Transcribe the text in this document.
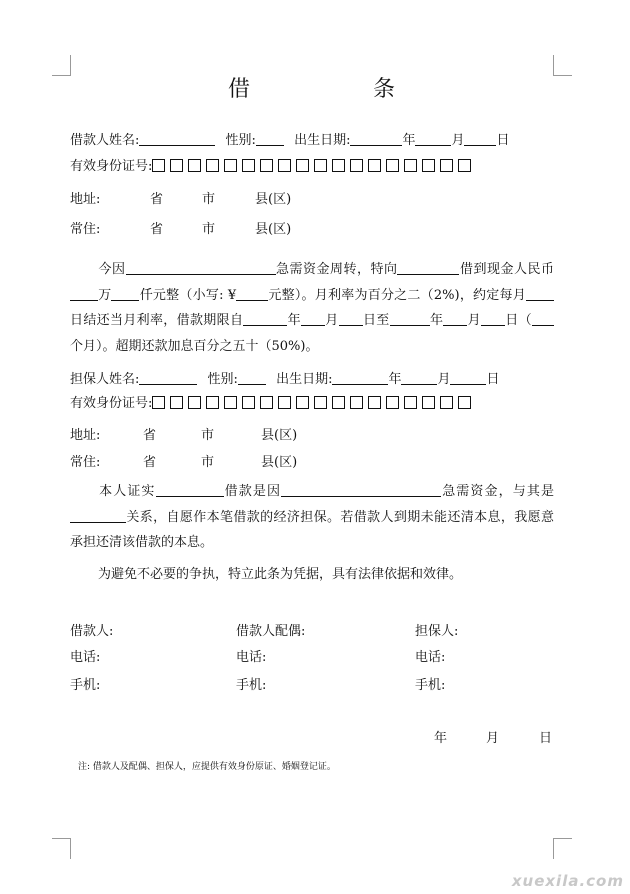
借	条
借款人姓名:	性别:	出生日期:	年	月 日
有效身份证号:
地址:	省	市	县(区)
常住:	省	市	县(区)
今因	急需资金周转，特向	借到现金人民币万 仟元整（小写: ¥ 元整）。月利率为百分之二（2%)，约定每月日结还当月利率，借款期限自	年 月 日至	年 月 日（个月）。超期还款加息百分之五十（50%)。
担保人姓名:	性别:	出生日期:	年	月	日
有效身份证号:
地址:	省	市	县(区)
常住:	省	市	县(区)
本人证实	借款是因	急需资金，与其是关系，自愿作本笔借款的经济担保。若借款人到期未能还清本息，我愿意承担还清该借款的本息。
为避免不必要的争执，特立此条为凭据，具有法律依据和效律。
借款人:	借款人配偶:	担保人:
电话:	电话:	电话:
手机:	手机:	手机:
年	月	日
注: 借款人及配偶、担保人，应提供有效身份原证、婚姻登记证。
xuexila.com
